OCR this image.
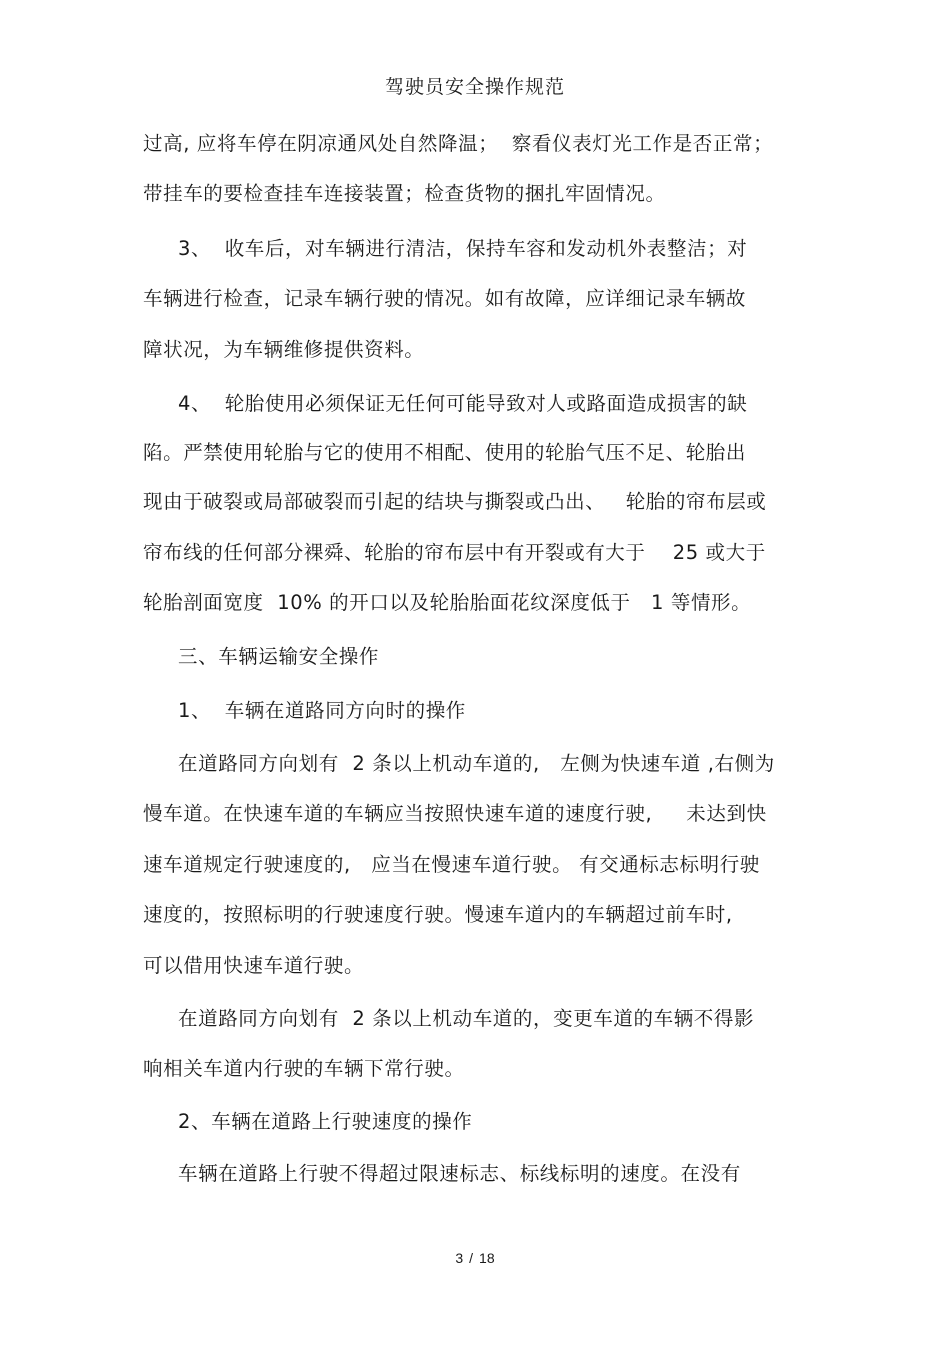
驾驶员安全操作规范
过高, 应将车停在阴凉通风处自然降温；  察看仪表灯光工作是否正常；
带挂车的要检查挂车连接装置；检查货物的捆扎牢固情况。
3、  收车后，对车辆进行清洁，保持车容和发动机外表整洁；对
车辆进行检查，记录车辆行驶的情况。如有故障，应详细记录车辆故
障状况，为车辆维修提供资料。
4、  轮胎使用必须保证无任何可能导致对人或路面造成损害的缺
陷。严禁使用轮胎与它的使用不相配、使用的轮胎气压不足、轮胎出
现由于破裂或局部破裂而引起的结块与撕裂或凸出、   轮胎的帘布层或
帘布线的任何部分裸舜、轮胎的帘布层中有开裂或有大于    25 或大于
轮胎剖面宽度  10% 的开口以及轮胎胎面花纹深度低于   1 等情形。
三、车辆运输安全操作
1、  车辆在道路同方向时的操作
在道路同方向划有  2 条以上机动车道的,   左侧为快速车道 ,右侧为
慢车道。在快速车道的车辆应当按照快速车道的速度行驶,     未达到快
速车道规定行驶速度的,   应当在慢速车道行驶。 有交通标志标明行驶
速度的，按照标明的行驶速度行驶。慢速车道内的车辆超过前车时,
可以借用快速车道行驶。
在道路同方向划有  2 条以上机动车道的，变更车道的车辆不得影
响相关车道内行驶的车辆下常行驶。
2、车辆在道路上行驶速度的操作
车辆在道路上行驶不得超过限速标志、标线标明的速度。在没有
3 / 18
